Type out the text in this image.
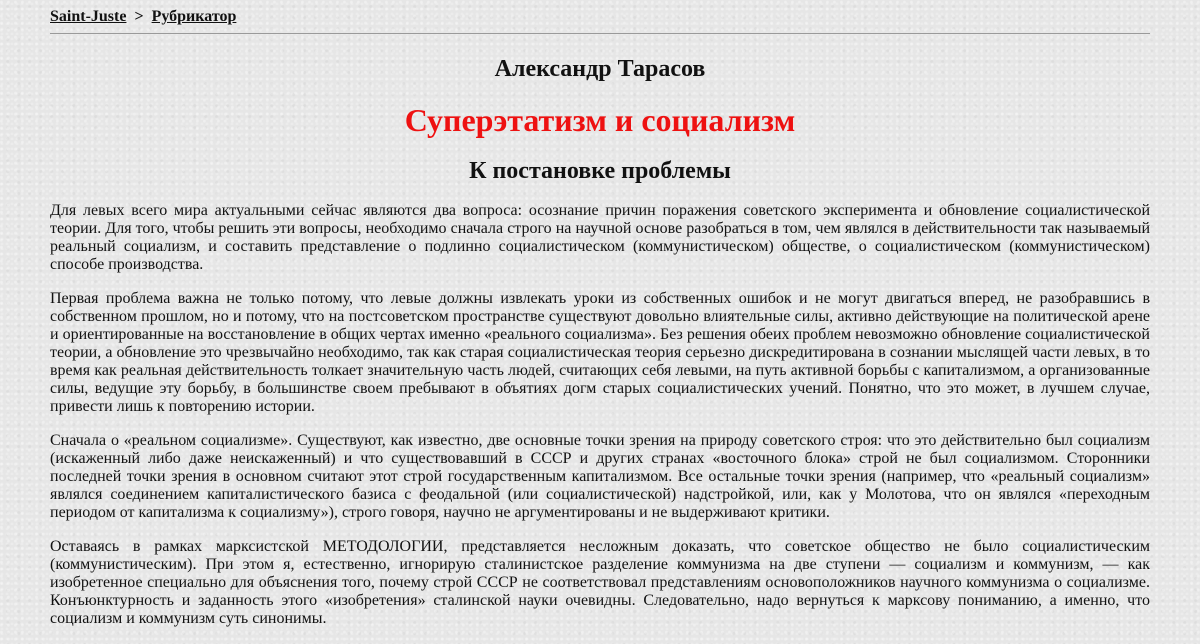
Saint-Juste > Рубрикатор
Александр Тарасов
Суперэтатизм и социализм
К постановке проблемы

Для левых всего мира актуальными сейчас являются два вопроса: осознание причин поражения советского эксперимента и обновление социалистической теории. Для того, чтобы решить эти вопросы, необходимо сначала строго на научной основе разобраться в том, чем являлся в действительности так называемый реальный социализм, и составить представление о подлинно социалистическом (коммунистическом) обществе, о социалистическом (коммунистическом) способе производства.

Первая проблема важна не только потому, что левые должны извлекать уроки из собственных ошибок и не могут двигаться вперед, не разобравшись в собственном прошлом, но и потому, что на постсоветском пространстве существуют довольно влиятельные силы, активно действующие на политической арене и ориентированные на восстановление в общих чертах именно «реального социализма». Без решения обеих проблем невозможно обновление социалистической теории, а обновление это чрезвычайно необходимо, так как старая социалистическая теория серьезно дискредитирована в сознании мыслящей части левых, в то время как реальная действительность толкает значительную часть людей, считающих себя левыми, на путь активной борьбы с капитализмом, а организованные силы, ведущие эту борьбу, в большинстве своем пребывают в объятиях догм старых социалистических учений. Понятно, что это может, в лучшем случае, привести лишь к повторению истории.

Сначала о «реальном социализме». Существуют, как известно, две основные точки зрения на природу советского строя: что это действительно был социализм (искаженный либо даже неискаженный) и что существовавший в СССР и других странах «восточного блока» строй не был социализмом. Сторонники последней точки зрения в основном считают этот строй государственным капитализмом. Все остальные точки зрения (например, что «реальный социализм» являлся соединением капиталистического базиса с феодальной (или социалистической) надстройкой, или, как у Молотова, что он являлся «переходным периодом от капитализма к социализму»), строго говоря, научно не аргументированы и не выдерживают критики.

Оставаясь в рамках марксистской МЕТОДОЛОГИИ, представляется несложным доказать, что советское общество не было социалистическим (коммунистическим). При этом я, естественно, игнорирую сталинистское разделение коммунизма на две ступени — социализм и коммунизм, — как изобретенное специально для объяснения того, почему строй СССР не соответствовал представлениям основоположников научного коммунизма о социализме. Конъюнктурность и заданность этого «изобретения» сталинской науки очевидны. Следовательно, надо вернуться к марксову пониманию, а именно, что социализм и коммунизм суть синонимы.
